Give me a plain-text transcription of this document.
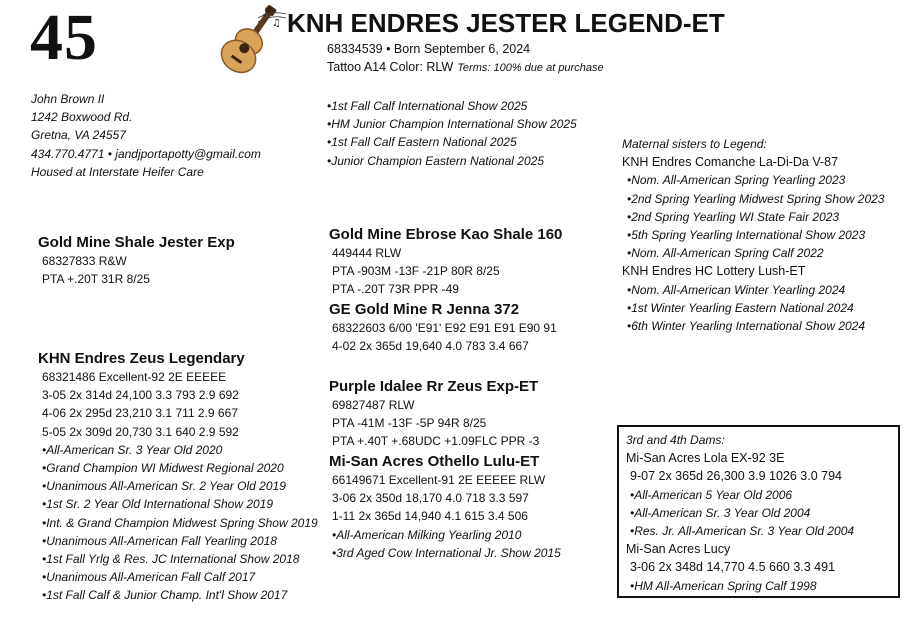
45	♪
♫ KNH ENDRES JESTER LEGEND-ET
68334539 • Born September 6, 2024
Tattoo A14 Color: RLW Terms: 100% due at purchase
John Brown II
1242 Boxwood Rd.
Gretna, VA 24557
434.770.4771 • jandjportapotty@gmail.com
Housed at Interstate Heifer Care
•1st Fall Calf International Show 2025
•HM Junior Champion International Show 2025
•1st Fall Calf Eastern National 2025
•Junior Champion Eastern National 2025
Gold Mine Shale Jester Exp
68327833 R&W
PTA +.20T 31R 8/25
Gold Mine Ebrose Kao Shale 160
449444 RLW
PTA -903M -13F -21P 80R 8/25
PTA -.20T 73R PPR -49
GE Gold Mine R Jenna 372
68322603 6/00 'E91' E92 E91 E91 E90 91
4-02 2x 365d 19,640 4.0 783 3.4 667
KHN Endres Zeus Legendary
68321486 Excellent-92 2E EEEEE
3-05 2x 314d 24,100 3.3 793 2.9 692
4-06 2x 295d 23,210 3.1 711 2.9 667
5-05 2x 309d 20,730 3.1 640 2.9 592
•All-American Sr. 3 Year Old 2020
•Grand Champion WI Midwest Regional 2020
•Unanimous All-American Sr. 2 Year Old 2019
•1st Sr. 2 Year Old International Show 2019
•Int. & Grand Champion Midwest Spring Show 2019
•Unanimous All-American Fall Yearling 2018
•1st Fall Yrlg & Res. JC International Show 2018
•Unanimous All-American Fall Calf 2017
•1st Fall Calf & Junior Champ. Int'l Show 2017
Purple Idalee Rr Zeus Exp-ET
69827487 RLW
PTA -41M -13F -5P 94R 8/25
PTA +.40T +.68UDC +1.09FLC PPR -3
Mi-San Acres Othello Lulu-ET
66149671 Excellent-91 2E EEEEE RLW
3-06 2x 350d 18,170 4.0 718 3.3 597
1-11 2x 365d 14,940 4.1 615 3.4 506
•All-American Milking Yearling 2010
•3rd Aged Cow International Jr. Show 2015
Maternal sisters to Legend:
KNH Endres Comanche La-Di-Da V-87
•Nom. All-American Spring Yearling 2023
•2nd Spring Yearling Midwest Spring Show 2023
•2nd Spring Yearling WI State Fair 2023
•5th Spring Yearling International Show 2023
•Nom. All-American Spring Calf 2022
KNH Endres HC Lottery Lush-ET
•Nom. All-American Winter Yearling 2024
•1st Winter Yearling Eastern National 2024
•6th Winter Yearling International Show 2024
3rd and 4th Dams:
Mi-San Acres Lola EX-92 3E
9-07 2x 365d 26,300 3.9 1026 3.0 794
•All-American 5 Year Old 2006
•All-American Sr. 3 Year Old 2004
•Res. Jr. All-American Sr. 3 Year Old 2004
Mi-San Acres Lucy
3-06 2x 348d 14,770 4.5 660 3.3 491
•HM All-American Spring Calf 1998
